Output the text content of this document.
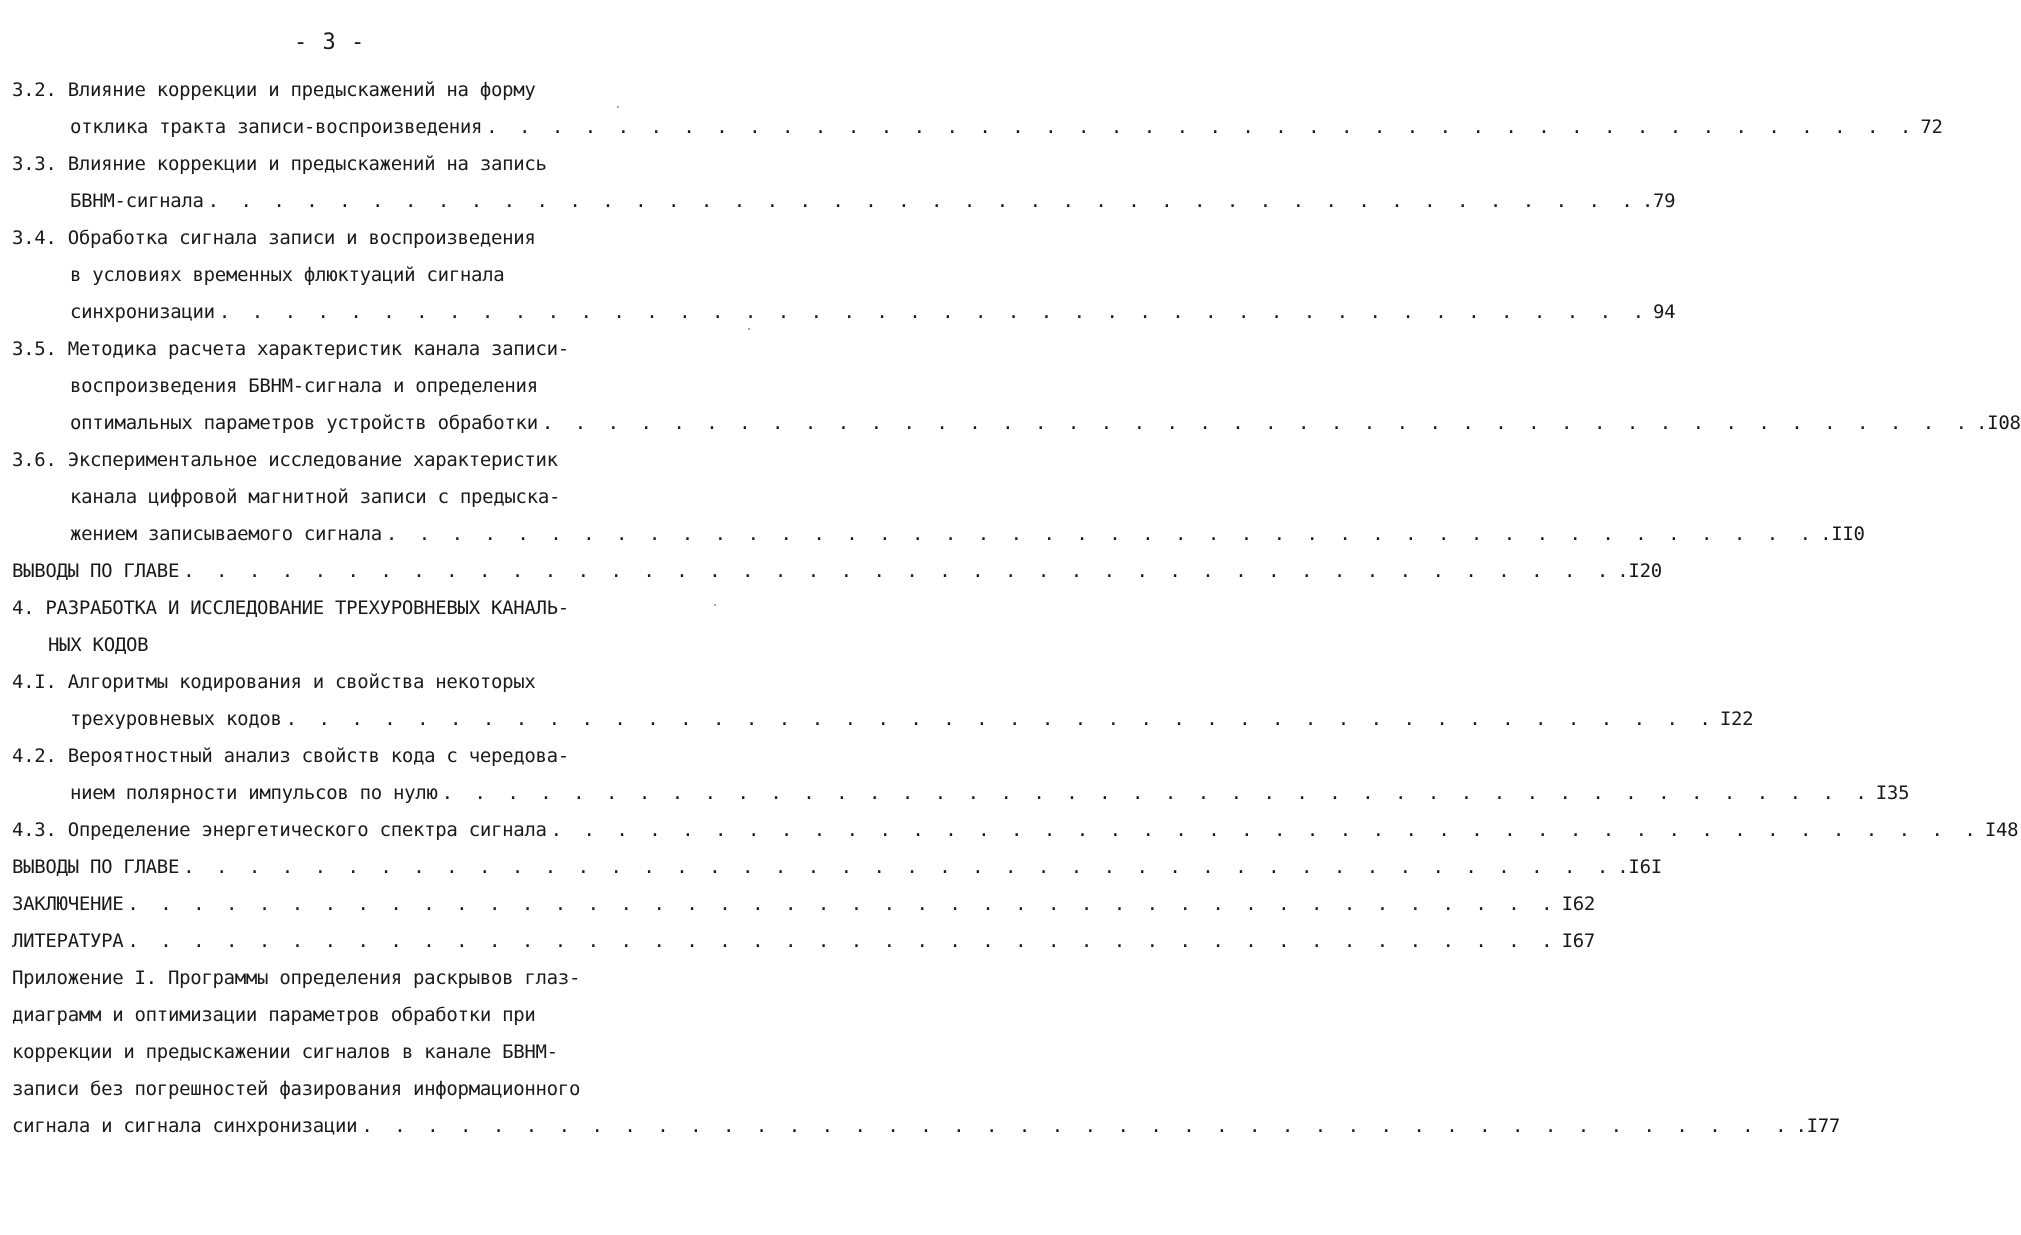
- 3 -
3.2. Влияние коррекции и предыскажений на форму
отклика тракта записи-воспроизведения . . . . . . . . . . . . . . . . . . . . . . . . . . . . . . . . . . . . . . . . . . . . 72
3.3. Влияние коррекции и предыскажений на запись
БВНМ-сигнала . . . . . . . . . . . . . . . . . . . . . . . . . . . . . . . . . . . . . . . . . . . . .79
3.4. Обработка сигнала записи и воспроизведения
в условиях временных флюктуаций сигнала
синхронизации . . . . . . . . . . . . . . . . . . . . . . . . . . . . . . . . . . . . . . . . . . . . 94
3.5. Методика расчета характеристик канала записи-
воспроизведения БВНМ-сигнала и определения
оптимальных параметров устройств обработки . . . . . . . . . . . . . . . . . . . . . . . . . . . . . . . . . . . . . . . . . . . . .I08
3.6. Экспериментальное исследование характеристик
канала цифровой магнитной записи с предыска-
жением записываемого сигнала . . . . . . . . . . . . . . . . . . . . . . . . . . . . . . . . . . . . . . . . . . . . .II0
ВЫВОДЫ ПО ГЛАВЕ . . . . . . . . . . . . . . . . . . . . . . . . . . . . . . . . . . . . . . . . . . . . .I20
4. РАЗРАБОТКА И ИССЛЕДОВАНИЕ ТРЕХУРОВНЕВЫХ КАНАЛЬ-
НЫХ КОДОВ
4.I. Алгоритмы кодирования и свойства некоторых
трехуровневых кодов . . . . . . . . . . . . . . . . . . . . . . . . . . . . . . . . . . . . . . . . . . . . I22
4.2. Вероятностный анализ свойств кода с чередова-
нием полярности импульсов по нулю . . . . . . . . . . . . . . . . . . . . . . . . . . . . . . . . . . . . . . . . . . . . I35
4.3. Определение энергетического спектра сигнала . . . . . . . . . . . . . . . . . . . . . . . . . . . . . . . . . . . . . . . . . . . . I48
ВЫВОДЫ ПО ГЛАВЕ . . . . . . . . . . . . . . . . . . . . . . . . . . . . . . . . . . . . . . . . . . . . .I6I
ЗАКЛЮЧЕНИЕ . . . . . . . . . . . . . . . . . . . . . . . . . . . . . . . . . . . . . . . . . . . . I62
ЛИТЕРАТУРА . . . . . . . . . . . . . . . . . . . . . . . . . . . . . . . . . . . . . . . . . . . . I67
Приложение I. Программы определения раскрывов глаз-
диаграмм и оптимизации параметров обработки при
коррекции и предыскажении сигналов в канале БВНМ-
записи без погрешностей фазирования информационного
сигнала и сигнала синхронизации . . . . . . . . . . . . . . . . . . . . . . . . . . . . . . . . . . . . . . . . . . . . .I77
